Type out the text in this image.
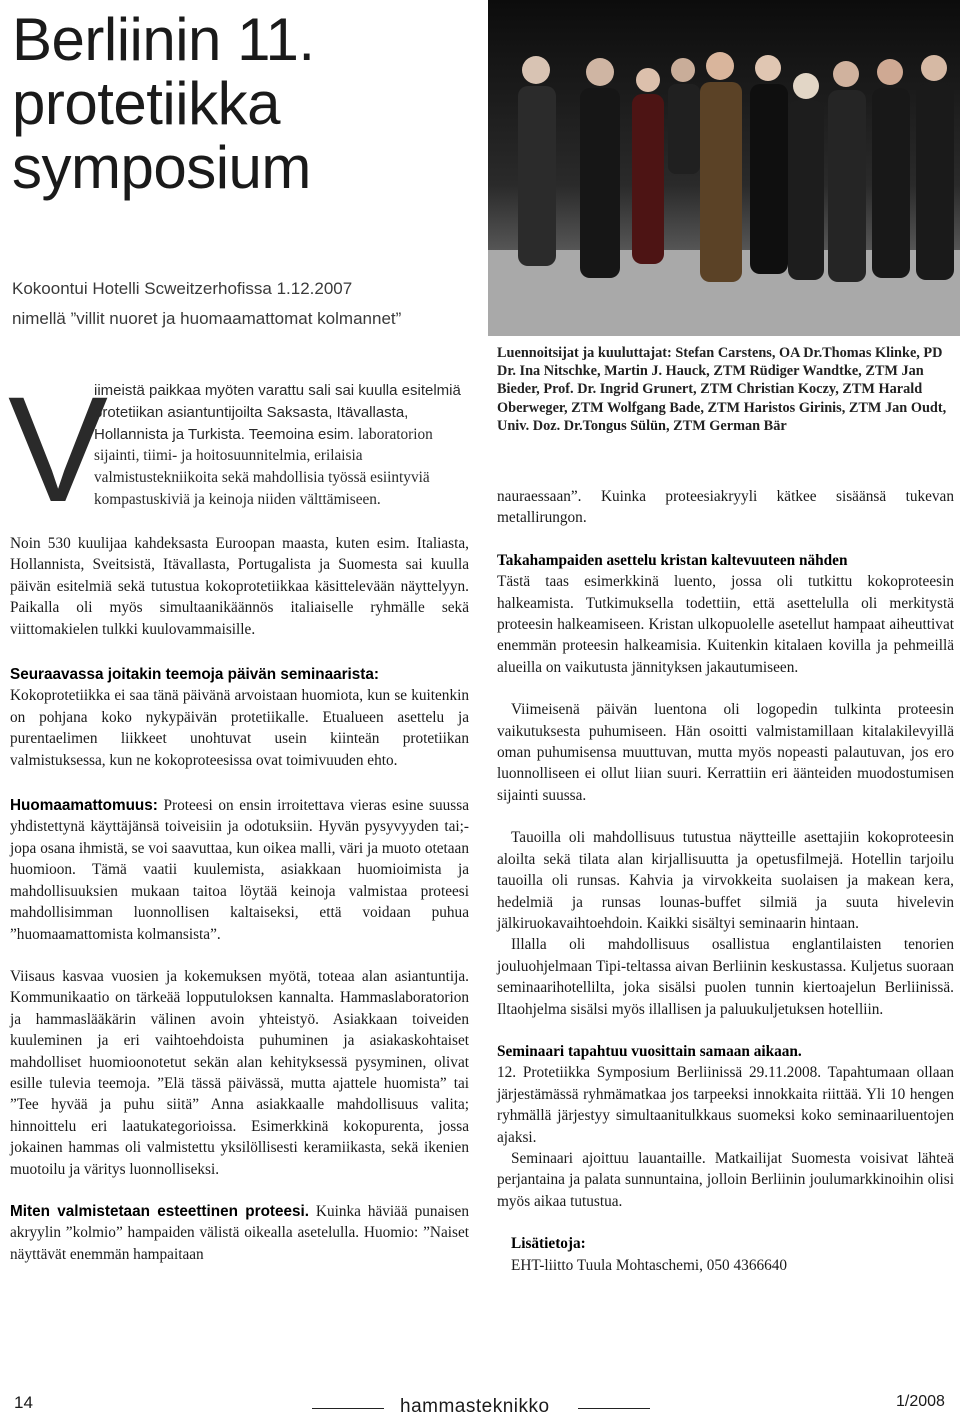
Berliinin 11.
protetiikka
symposium
Kokoontui Hotelli Scweitzerhofissa 1.12.2007
nimellä ”villit nuoret ja huomaamattomat kolmannet”
V
iimeistä paikkaa myöten varattu sali sai kuulla esitelmiä protetiikan asiantuntijoilta Saksasta, Itävallasta, Hollannista ja Turkista. Teemoina esim. laboratorion sijainti, tiimi- ja hoitosuunnitelmia, erilaisia valmistustekniikoita sekä mahdollisia työssä esiintyviä kompastuskiviä ja keinoja niiden välttämiseen.
Luennoitsijat ja kuuluttajat: Stefan Carstens, OA Dr.Thomas Klinke, PD Dr. Ina Nitschke, Martin J. Hauck, ZTM Rüdiger Wandtke, ZTM Jan Bieder, Prof. Dr. Ingrid Grunert, ZTM Christian Koczy, ZTM Harald Oberweger, ZTM Wolfgang Bade, ZTM Haristos Girinis, ZTM Jan Oudt, Univ. Doz. Dr.Tongus Sülün, ZTM German Bär

Noin 530 kuulijaa kahdeksasta Euroopan maasta, kuten esim. Italiasta, Hollannista, Sveitsistä, Itävallasta, Portugalista ja Suomesta sai kuulla päivän esitelmiä sekä tutustua kokoprotetiikkaa käsittelevään näyttelyyn. Paikalla oli myös simultaanikäännös italiaiselle ryhmälle sekä viittomakielen tulkki kuulovammaisille.

Seuraavassa joitakin teemoja päivän seminaarista:

Kokoprotetiikka ei saa tänä päivänä arvoistaan huomiota, kun se kuitenkin on pohjana koko nykypäivän protetiikalle. Etualueen asettelu ja purentaelimen liikkeet unohtuvat usein kiinteän protetiikan valmistuksessa, kun ne kokoproteesissa ovat toimivuuden ehto.

Huomaamattomuus: Proteesi on ensin irroitettava vieras esine suussa yhdistettynä käyttäjänsä toiveisiin ja odotuksiin. Hyvän pysyvyyden tai;- jopa osana ihmistä, se voi saavuttaa, kun oikea malli, väri ja muoto otetaan huomioon. Tämä vaatii kuulemista, asiakkaan huomioimista ja mahdollisuuksien mukaan taitoa löytää keinoja valmistaa proteesi mahdollisimman luonnollisen kaltaiseksi, että voidaan puhua ”huomaamattomista kolmansista”.

Viisaus kasvaa vuosien ja kokemuksen myötä, toteaa alan asiantuntija. Kommunikaatio on tärkeää lopputuloksen kannalta. Hammaslaboratorion ja hammaslääkärin välinen avoin yhteistyö. Asiakkaan toiveiden kuuleminen ja eri vaihtoehdoista puhuminen ja asiakaskohtaiset mahdolliset huomioonotetut sekän alan kehityksessä pysyminen, olivat esille tulevia teemoja. ”Elä tässä päivässä, mutta ajattele huomista” tai ”Tee hyvää ja puhu siitä” Anna asiakkaalle mahdollisuus valita; hinnoittelu eri laatukategorioissa. Esimerkkinä kokopurenta, jossa jokainen hammas oli valmistettu yksilöllisesti keramiikasta, sekä ikenien muotoilu ja väritys luonnolliseksi.

Miten valmistetaan esteettinen proteesi. Kuinka häviää punaisen akryylin ”kolmio” hampaiden välistä oikealla asetelulla. Huomio: ”Naiset näyttävät enemmän hampaitaan

nauraessaan”. Kuinka proteesiakryyli kätkee sisäänsä tukevan metallirungon.

Takahampaiden asettelu kristan kaltevuuteen nähden

Tästä taas esimerkkinä luento, jossa oli tutkittu kokoproteesin halkeamista. Tutkimuksella todettiin, että asettelulla oli merkitystä proteesin halkeamiseen. Kristan ulkopuolelle asetellut hampaat aiheuttivat enemmän proteesin halkeamisia. Kuitenkin kitalaen kovilla ja pehmeillä alueilla on vaikutusta jännityksen jakautumiseen.

Viimeisenä päivän luentona oli logopedin tulkinta proteesin vaikutuksesta puhumiseen. Hän osoitti valmistamillaan kitalakilevyillä oman puhumisensa muuttuvan, mutta myös nopeasti palautuvan, jos ero luonnolliseen ei ollut liian suuri. Kerrattiin eri äänteiden muodostumisen sijainti suussa.

Tauoilla oli mahdollisuus tutustua näytteille asettajiin kokoproteesin aloilta sekä tilata alan kirjallisuutta ja opetusfilmejä. Hotellin tarjoilu tauoilla oli runsas. Kahvia ja virvokkeita suolaisen ja makean kera, hedelmiä ja runsas lounas-buffet silmiä ja suuta hivelevin jälkiruokavaihtoehdoin. Kaikki sisältyi seminaarin hintaan.

Illalla oli mahdollisuus osallistua englantilaisten tenorien jouluohjelmaan Tipi-teltassa aivan Berliinin keskustassa. Kuljetus suoraan seminaarihotellilta, joka sisälsi puolen tunnin kiertoajelun Berliinissä. Iltaohjelma sisälsi myös illallisen ja paluukuljetuksen hotelliin.

Seminaari tapahtuu vuosittain samaan aikaan.

12. Protetiikka Symposium Berliinissä 29.11.2008. Tapahtumaan ollaan järjestämässä ryhmämatkaa jos tarpeeksi innokkaita riittää. Yli 10 hengen ryhmällä järjestyy simultaanitulkkaus suomeksi koko seminaariluentojen ajaksi.

Seminaari ajoittuu lauantaille. Matkailijat Suomesta voisivat lähteä perjantaina ja palata sunnuntaina, jolloin Berliinin joulumarkkinoihin olisi myös aikaa tutustua.

Lisätietoja:

EHT-liitto Tuula Mohtaschemi, 050 4366640

14	hammasteknikko	1/2008
